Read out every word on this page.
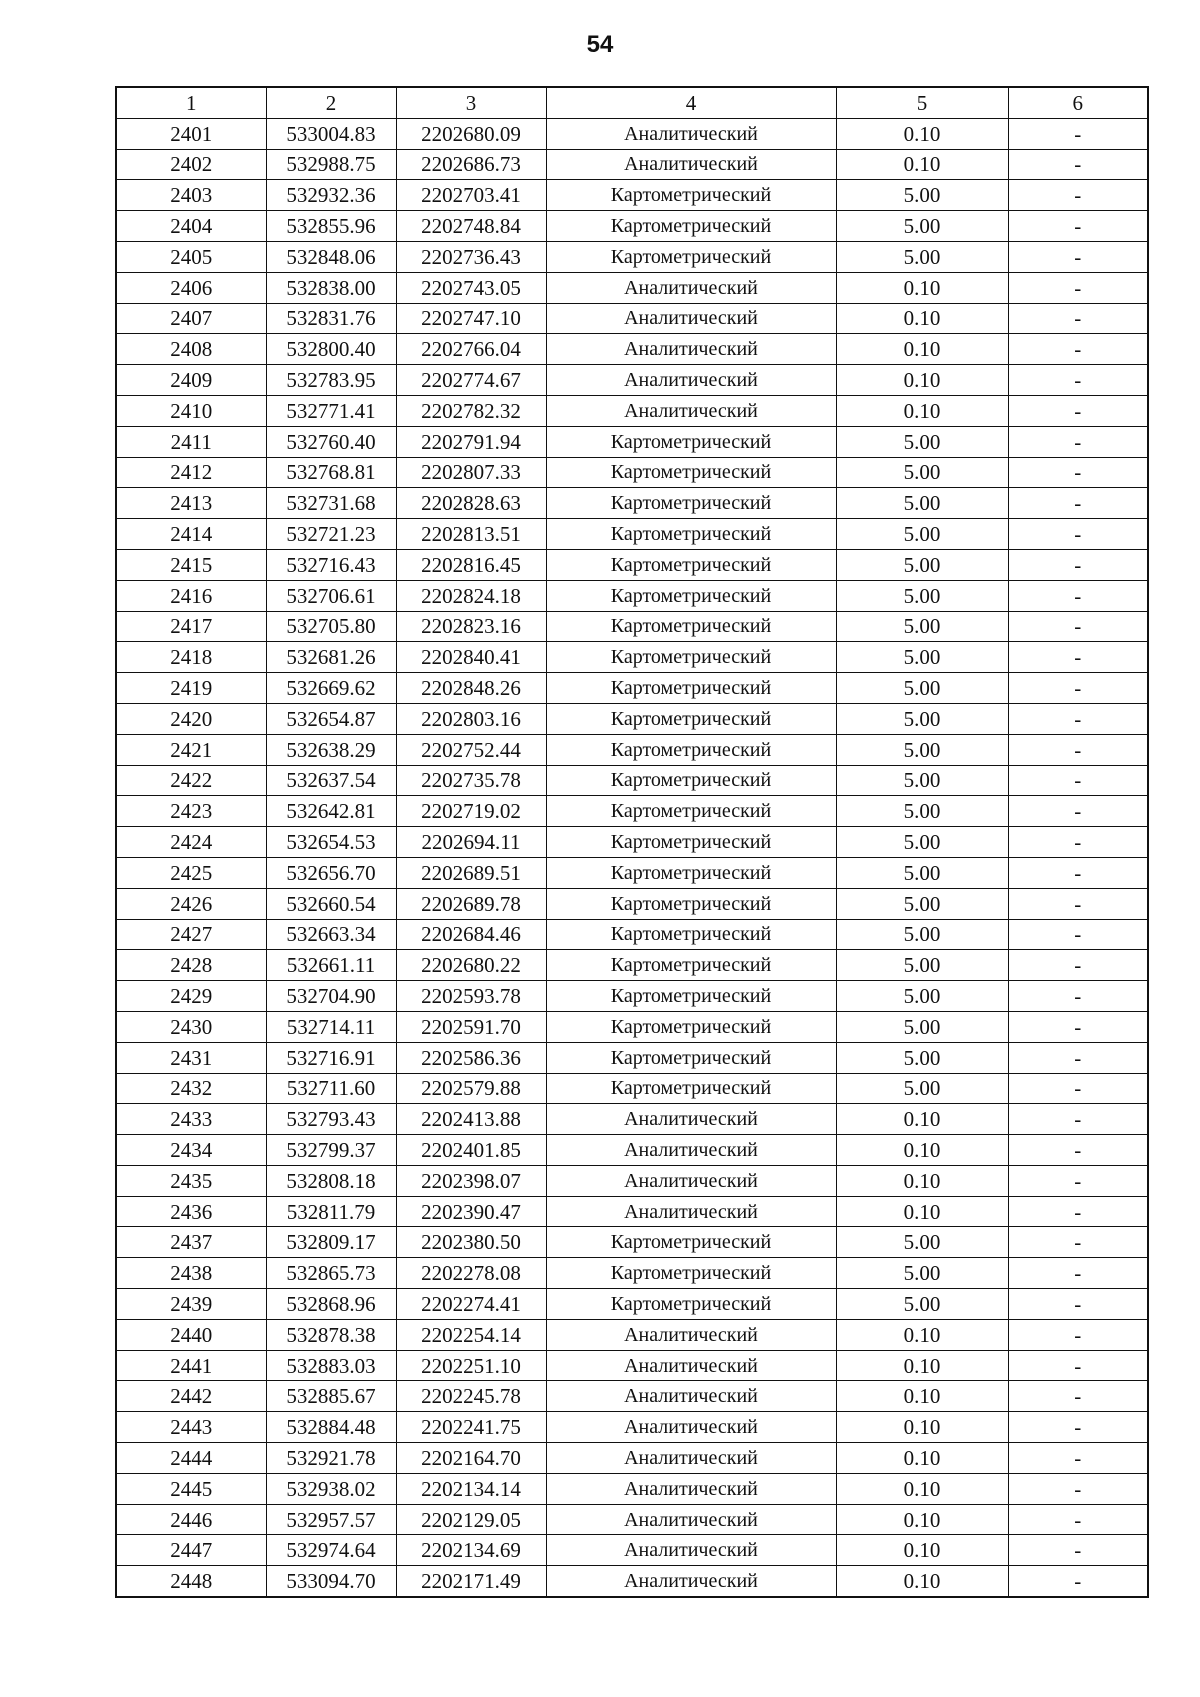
54
1	2	3	4	5	6
2401	533004.83	2202680.09	Аналитический	0.10	-
2402	532988.75	2202686.73	Аналитический	0.10	-
2403	532932.36	2202703.41	Картометрический	5.00	-
2404	532855.96	2202748.84	Картометрический	5.00	-
2405	532848.06	2202736.43	Картометрический	5.00	-
2406	532838.00	2202743.05	Аналитический	0.10	-
2407	532831.76	2202747.10	Аналитический	0.10	-
2408	532800.40	2202766.04	Аналитический	0.10	-
2409	532783.95	2202774.67	Аналитический	0.10	-
2410	532771.41	2202782.32	Аналитический	0.10	-
2411	532760.40	2202791.94	Картометрический	5.00	-
2412	532768.81	2202807.33	Картометрический	5.00	-
2413	532731.68	2202828.63	Картометрический	5.00	-
2414	532721.23	2202813.51	Картометрический	5.00	-
2415	532716.43	2202816.45	Картометрический	5.00	-
2416	532706.61	2202824.18	Картометрический	5.00	-
2417	532705.80	2202823.16	Картометрический	5.00	-
2418	532681.26	2202840.41	Картометрический	5.00	-
2419	532669.62	2202848.26	Картометрический	5.00	-
2420	532654.87	2202803.16	Картометрический	5.00	-
2421	532638.29	2202752.44	Картометрический	5.00	-
2422	532637.54	2202735.78	Картометрический	5.00	-
2423	532642.81	2202719.02	Картометрический	5.00	-
2424	532654.53	2202694.11	Картометрический	5.00	-
2425	532656.70	2202689.51	Картометрический	5.00	-
2426	532660.54	2202689.78	Картометрический	5.00	-
2427	532663.34	2202684.46	Картометрический	5.00	-
2428	532661.11	2202680.22	Картометрический	5.00	-
2429	532704.90	2202593.78	Картометрический	5.00	-
2430	532714.11	2202591.70	Картометрический	5.00	-
2431	532716.91	2202586.36	Картометрический	5.00	-
2432	532711.60	2202579.88	Картометрический	5.00	-
2433	532793.43	2202413.88	Аналитический	0.10	-
2434	532799.37	2202401.85	Аналитический	0.10	-
2435	532808.18	2202398.07	Аналитический	0.10	-
2436	532811.79	2202390.47	Аналитический	0.10	-
2437	532809.17	2202380.50	Картометрический	5.00	-
2438	532865.73	2202278.08	Картометрический	5.00	-
2439	532868.96	2202274.41	Картометрический	5.00	-
2440	532878.38	2202254.14	Аналитический	0.10	-
2441	532883.03	2202251.10	Аналитический	0.10	-
2442	532885.67	2202245.78	Аналитический	0.10	-
2443	532884.48	2202241.75	Аналитический	0.10	-
2444	532921.78	2202164.70	Аналитический	0.10	-
2445	532938.02	2202134.14	Аналитический	0.10	-
2446	532957.57	2202129.05	Аналитический	0.10	-
2447	532974.64	2202134.69	Аналитический	0.10	-
2448	533094.70	2202171.49	Аналитический	0.10	-
